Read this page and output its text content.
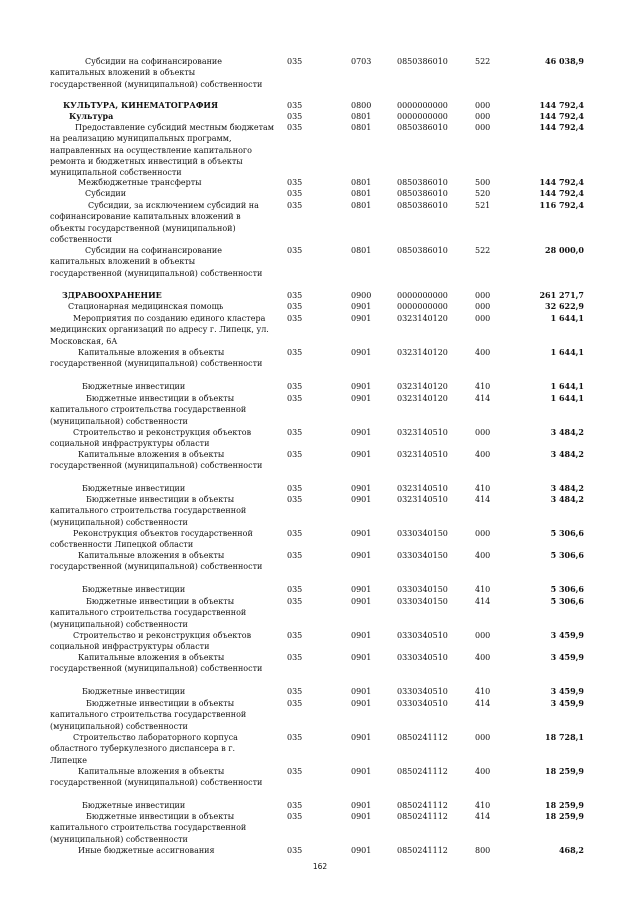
Субсидии на софинансирование
капитальных вложений в объекты
государственной (муниципальной) собственности
035	0703	0850386010	522	46 038,9
КУЛЬТУРА, КИНЕМАТОГРАФИЯ	035	0800	0000000000	000	144 792,4
Культура	035	0801	0000000000	000	144 792,4
Предоставление субсидий местным бюджетам
на реализацию муниципальных программ,
направленных на осуществление капитального
ремонта и бюджетных инвестиций в объекты
муниципальной собственности
035	0801	0850386010	000	144 792,4
Межбюджетные трансферты	035	0801	0850386010	500	144 792,4
Субсидии	035	0801	0850386010	520	144 792,4
Субсидии, за исключением субсидий на
софинансирование капитальных вложений в
объекты государственной (муниципальной)
собственности
035	0801	0850386010	521	116 792,4
Субсидии на софинансирование
капитальных вложений в объекты
государственной (муниципальной) собственности
035	0801	0850386010	522	28 000,0
ЗДРАВООХРАНЕНИЕ	035	0900	0000000000	000	261 271,7
Стационарная медицинская помощь	035	0901	0000000000	000	32 622,9
Мероприятия по созданию единого кластера
медицинских организаций по адресу г. Липецк, ул.
Московская, 6А
035	0901	0323140120	000	1 644,1
Капитальные вложения в объекты
государственной (муниципальной) собственности
035	0901	0323140120	400	1 644,1
Бюджетные инвестиции	035	0901	0323140120	410	1 644,1
Бюджетные инвестиции в объекты
капитального строительства государственной
(муниципальной) собственности
035	0901	0323140120	414	1 644,1
Строительство и реконструкция объектов
социальной инфраструктуры области
035	0901	0323140510	000	3 484,2
Капитальные вложения в объекты
государственной (муниципальной) собственности
035	0901	0323140510	400	3 484,2
Бюджетные инвестиции	035	0901	0323140510	410	3 484,2
Бюджетные инвестиции в объекты
капитального строительства государственной
(муниципальной) собственности
035	0901	0323140510	414	3 484,2
Реконструкция объектов государственной
собственности Липецкой области
035	0901	0330340150	000	5 306,6
Капитальные вложения в объекты
государственной (муниципальной) собственности
035	0901	0330340150	400	5 306,6
Бюджетные инвестиции	035	0901	0330340150	410	5 306,6
Бюджетные инвестиции в объекты
капитального строительства государственной
(муниципальной) собственности
035	0901	0330340150	414	5 306,6
Строительство и реконструкция объектов
социальной инфраструктуры области
035	0901	0330340510	000	3 459,9
Капитальные вложения в объекты
государственной (муниципальной) собственности
035	0901	0330340510	400	3 459,9
Бюджетные инвестиции	035	0901	0330340510	410	3 459,9
Бюджетные инвестиции в объекты
капитального строительства государственной
(муниципальной) собственности
035	0901	0330340510	414	3 459,9
Строительство лабораторного корпуса
областного туберкулезного диспансера в г.
Липецке
035	0901	0850241112	000	18 728,1
Капитальные вложения в объекты
государственной (муниципальной) собственности
035	0901	0850241112	400	18 259,9
Бюджетные инвестиции	035	0901	0850241112	410	18 259,9
Бюджетные инвестиции в объекты
капитального строительства государственной
(муниципальной) собственности
035	0901	0850241112	414	18 259,9
Иные бюджетные ассигнования	035	0901	0850241112	800	468,2
162
